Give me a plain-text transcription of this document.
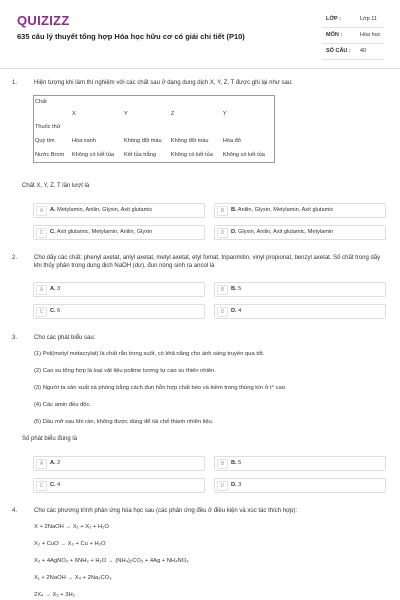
QUIZIZZ
635 câu lý thuyết tổng hợp Hóa học hữu cơ có giải chi tiết (P10)
LỚP :	Lớp 11
MÔN :	Hóa học
SỐ CÂU : 40
1.	Hiện tượng khi làm thí nghiệm với các chất sau ở dạng dung dịch X, Y, Z, T được ghi lại như sau:
Chất				
	X	Y	Z	Y
Thuốc thử				
Quỳ tím	Hóa xanh	Không đổi màu	Không đổi màu	Hóa đỏ
Nước Brom	Không có kết tủa	Kết tủa trắng	Không có kết tủa	Không có kết tủa
Chất X, Y, Z, T lần lượt là
A	A. Metylamin, Anilin, Glyxin, Axit glutamic	B	B. Anilin, Glyxin, Metylamin, Axit glutamic
C	C. Axit glutamic, Metylamin, Anilin, Glyxin	D	D. Glyxin, Anilin, Axit glutamic, Metylamin
2.	Cho dãy các chất: phenyl axetat, anlyl axetat, metyl axetat, etyl fomat, tripanmitin, vinyl propionat, benzyl axetat. Số chất trong dãy khi thủy phân trong dung dịch NaOH (dư), đun nóng sinh ra ancol là
A	A. 3	B	B. 5
C	C. 6	D	D. 4
3.	Cho các phát biểu sau:
(1) Poli(metyl metacrylat) là chất rắn trong suốt, có khả năng cho ánh sáng truyền qua tốt.
(2) Cao su tổng hợp là loại vật liệu polime tương tự cao su thiên nhiên.
(3) Người ta sản xuất xà phòng bằng cách đun hỗn hợp chất béo và kiềm trong thùng kín ở t° cao.
(4) Các amin đều độc.
(5) Dầu mỡ sau khi rán, không được dùng để tái chế thành nhiên liệu.
Số phát biểu đúng là
A	A. 2	B	B. 5
C	C. 4	D	D. 3
4.	Cho các phương trình phản ứng hóa học sau (các phản ứng đều ở điều kiện và xúc tác thích hợp):
X + 2NaOH → X₁ + X₂ + H₂O
X₂ + CuO → X₃ + Cu + H₂O
X₃ + 4AgNO₃ + 6NH₃ + H₂O → (NH₄)₂CO₃ + 4Ag + NH₄NO₃
X₁ + 2NaOH → X₄ + 2Na₂CO₃
2X₄ → X₅ + 3H₂
